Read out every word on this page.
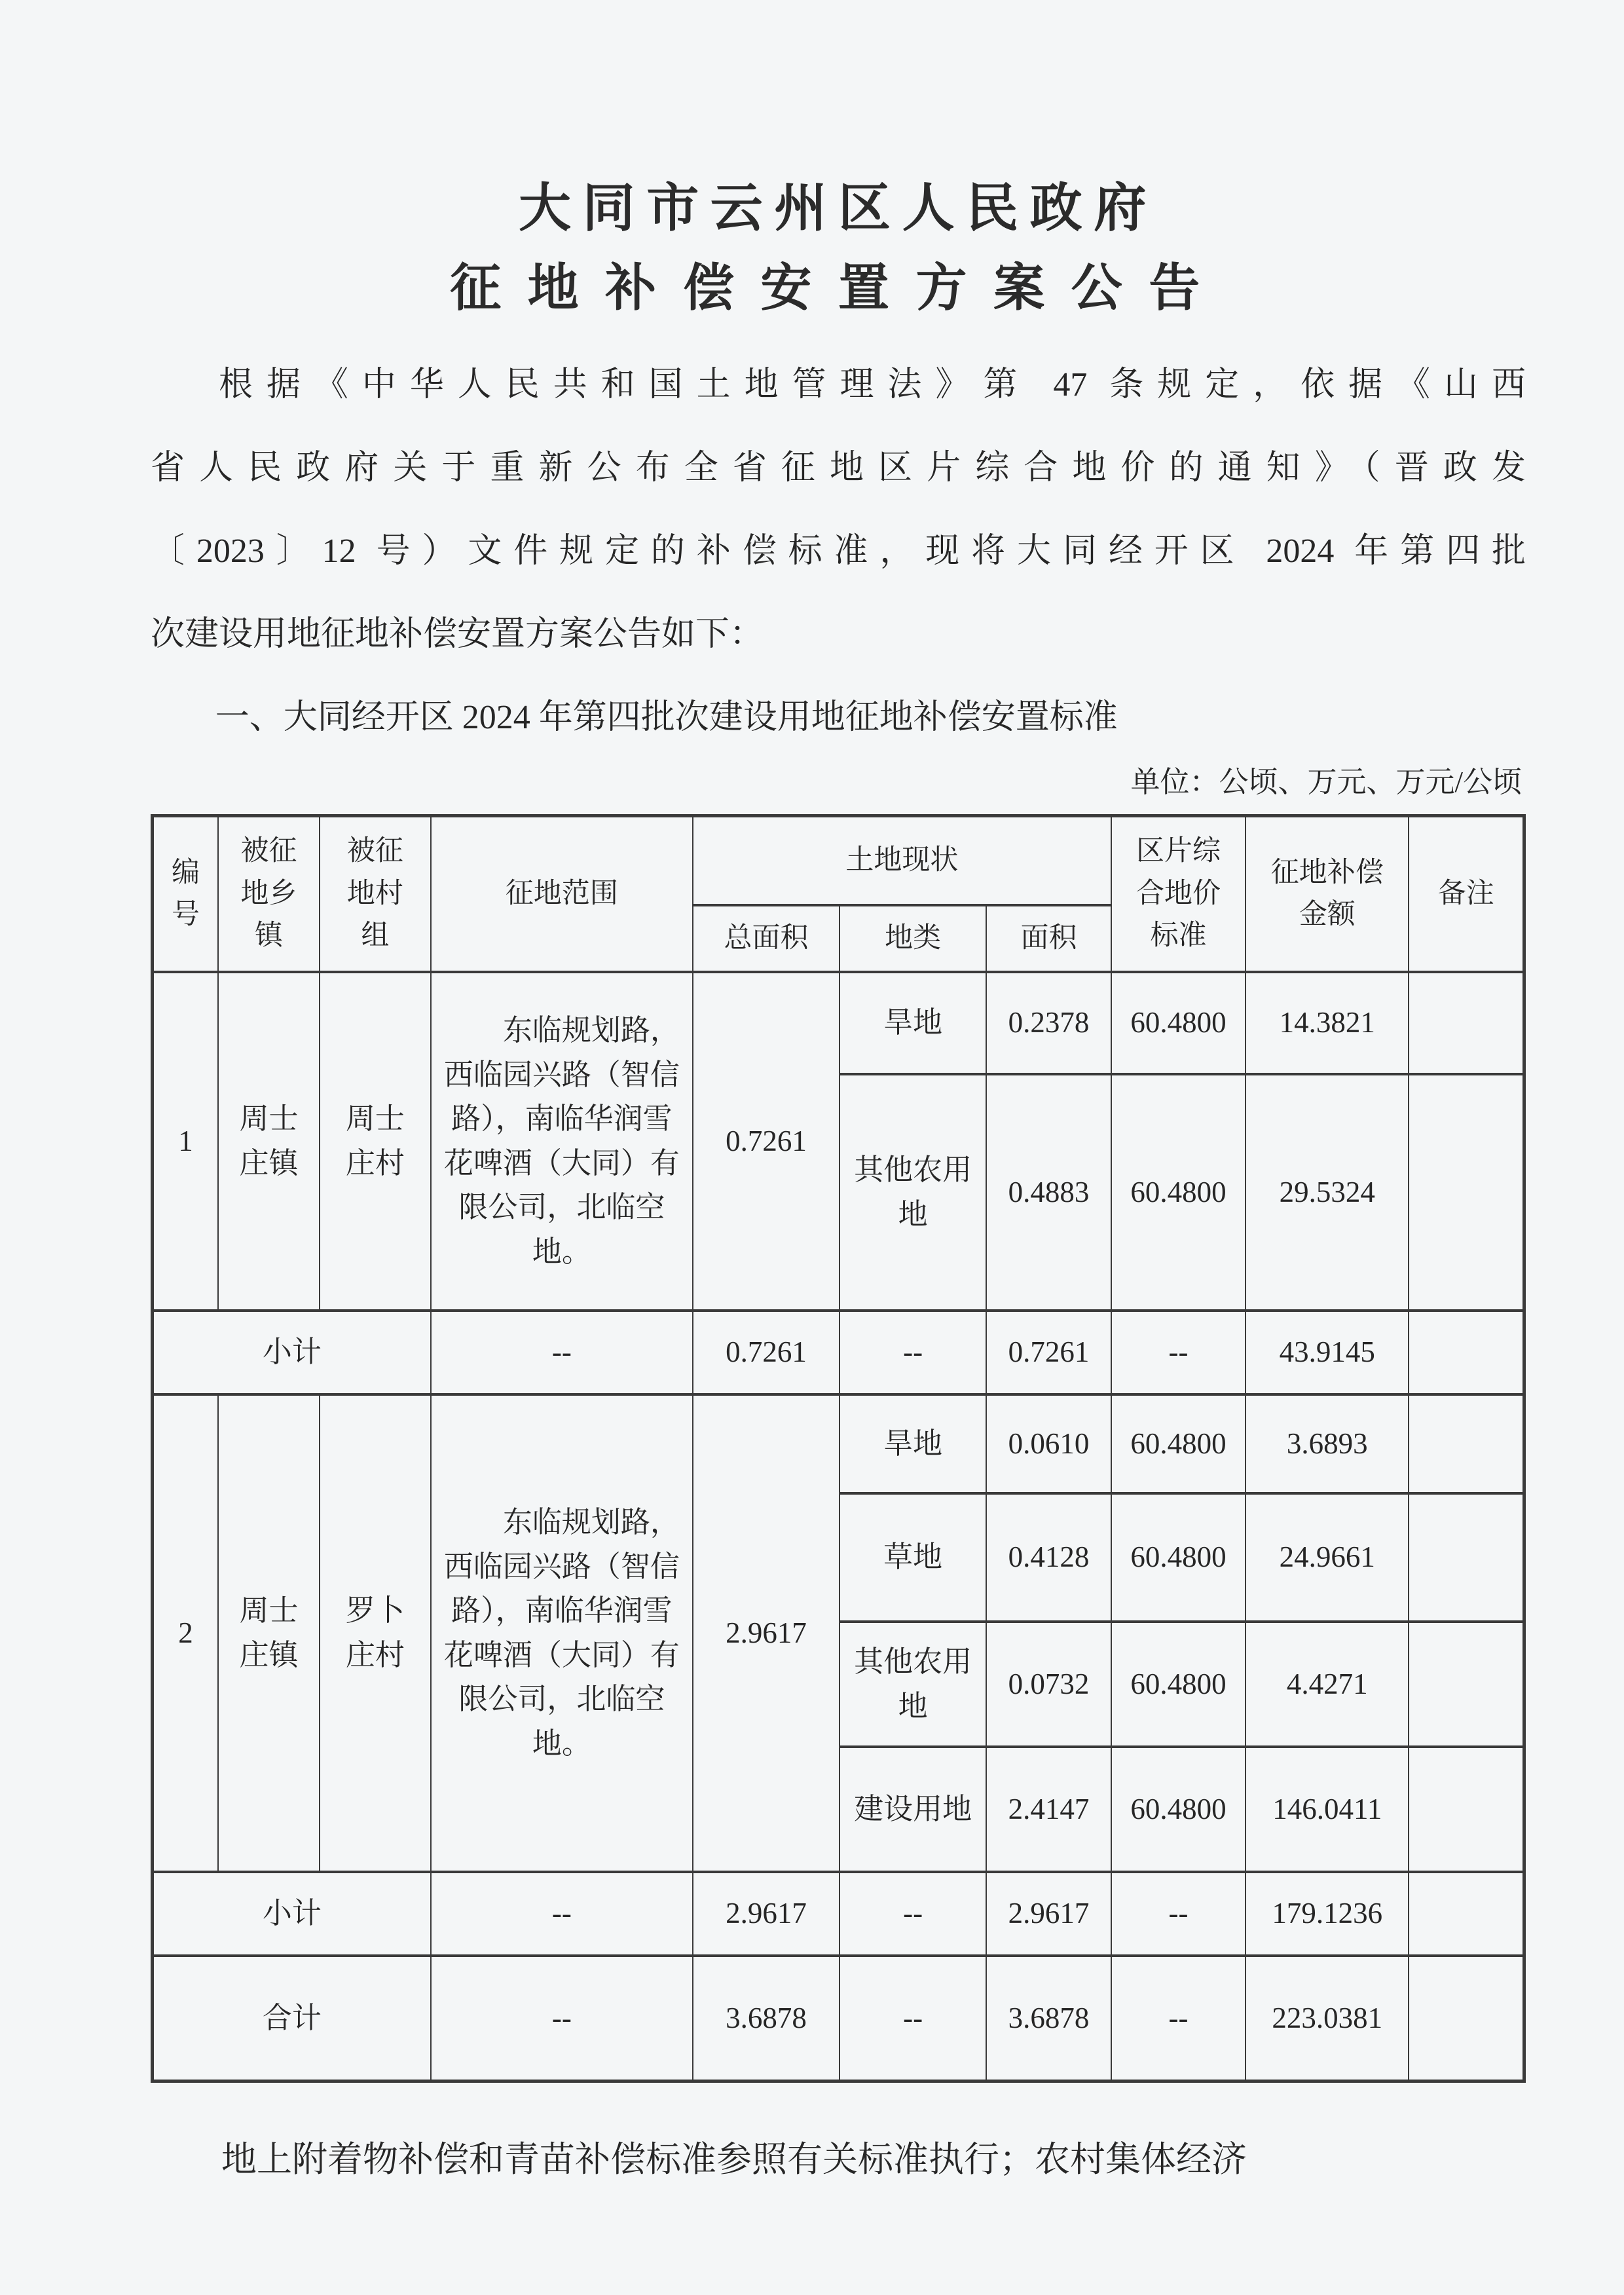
大同市云州区人民政府
征地补偿安置方案公告
根据《中华人民共和国土地管理法》第 47 条规定，依据《山西
省人民政府关于重新公布全省征地区片综合地价的通知》（晋政发
〔2023〕12 号）文件规定的补偿标准，现将大同经开区 2024 年第四批
次建设用地征地补偿安置方案公告如下：
一、大同经开区 2024 年第四批次建设用地征地补偿安置标准
单位：公顷、万元、万元/公顷
编号	被征地乡镇	被征地村组	征地范围	土地现状			区片综合地价标准	征地补偿金额	备注
				总面积	地类	面积			
1	周士庄镇	周士庄村	东临规划路，西临园兴路（智信路），南临华润雪花啤酒（大同）有限公司，北临空地。	0.7261	旱地	0.2378	60.4800	14.3821	
					其他农用地	0.4883	60.4800	29.5324	
小计			--	0.7261	--	0.7261	--	43.9145	
2	周士庄镇	罗卜庄村	东临规划路，西临园兴路（智信路），南临华润雪花啤酒（大同）有限公司，北临空地。	2.9617	旱地	0.0610	60.4800	3.6893	
					草地	0.4128	60.4800	24.9661	
					其他农用地	0.0732	60.4800	4.4271	
					建设用地	2.4147	60.4800	146.0411	
小计			--	2.9617	--	2.9617	--	179.1236	
合计			--	3.6878	--	3.6878	--	223.0381	
地上附着物补偿和青苗补偿标准参照有关标准执行；农村集体经济
